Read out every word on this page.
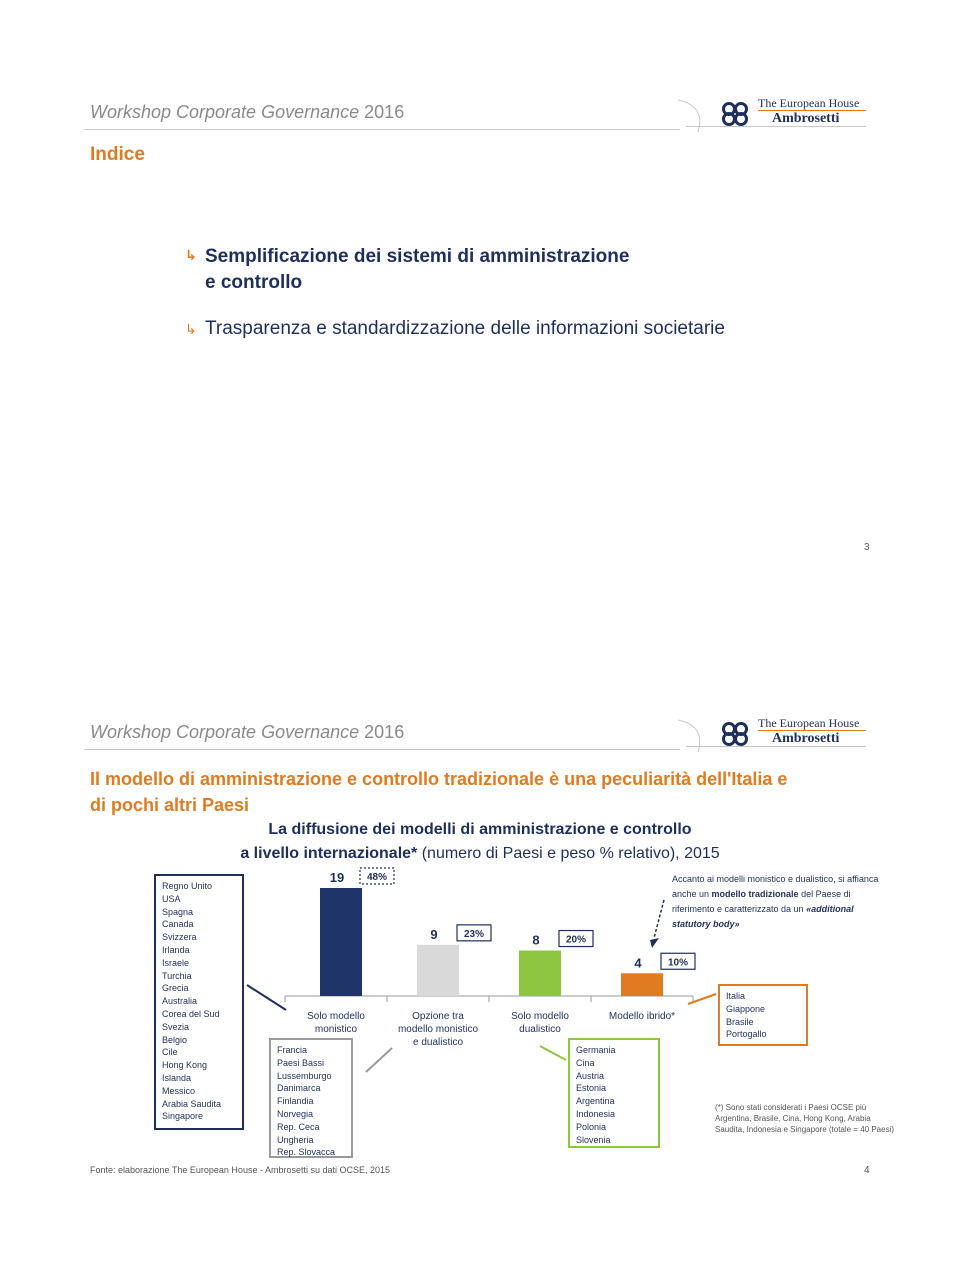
Workshop Corporate Governance 2016	The European House
Ambrosetti
Indice
↳ Semplificazione dei sistemi di amministrazione
e controllo
↳ Trasparenza e standardizzazione delle informazioni societarie
3
Workshop Corporate Governance 2016	The European House
Ambrosetti
Il modello di amministrazione e controllo tradizionale è una peculiarità dell'Italia e
di pochi altri Paesi
La diffusione dei modelli di amministrazione e controllo
a livello internazionale* (numero di Paesi e peso % relativo), 2015
19 48%
Solo modello
monistico
9	23%
Opzione tra
modello monistico
e dualistico
8	20%
Solo modello
dualistico
4	10%
Modello ibrido*
Accanto ai modelli monistico e dualistico, si affianca anche un modello tradizionale del Paese di riferimento e caratterizzato da un «additional statutory body»
Regno Unito
USA
Spagna
Canada
Svizzera
Irlanda
Israele
Turchia
Grecia
Australia
Corea del Sud
Svezia
Belgio
Cile
Hong Kong
Islanda
Messico
Arabia Saudita
Singapore
Francia
Paesi Bassi
Lussemburgo
Danimarca
Finlandia
Norvegia
Rep. Ceca
Ungheria
Rep. Slovacca
Germania
Cina
Austria
Estonia
Argentina
Indonesia
Polonia
Slovenia
Italia
Giappone
Brasile
Portogallo
(*) Sono stati considerati i Paesi OCSE più Argentina, Brasile, Cina, Hong Kong, Arabia Saudita, Indonesia e Singapore (totale = 40 Paesi)
Fonte: elaborazione The European House - Ambrosetti su dati OCSE, 2015	4
